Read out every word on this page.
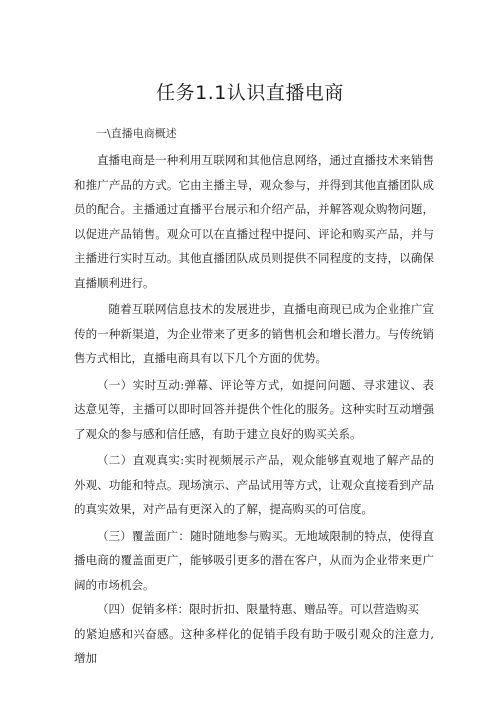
任务1.1认识直播电商
一\直播电商概述

直播电商是一种利用互联网和其他信息网络，通过直播技术来销售和推广产品的方式。它由主播主导，观众参与，并得到其他直播团队成员的配合。主播通过直播平台展示和介绍产品，并解答观众购物问题，以促进产品销售。观众可以在直播过程中提问、评论和购买产品，并与主播进行实时互动。其他直播团队成员则提供不同程度的支持，以确保直播顺利进行。

随着互联网信息技术的发展进步，直播电商现已成为企业推广宣传的一种新渠道，为企业带来了更多的销售机会和增长潜力。与传统销售方式相比，直播电商具有以下几个方面的优势。

（一）实时互动:弹幕、评论等方式，如提问问题、寻求建议、表达意见等，主播可以即时回答并提供个性化的服务。这种实时互动增强了观众的参与感和信任感，有助于建立良好的购买关系。

（二）直观真实:实时视频展示产品，观众能够直观地了解产品的外观、功能和特点。现场演示、产品试用等方式，让观众直接看到产品的真实效果，对产品有更深入的了解，提高购买的可信度。

（三）覆盖面广：随时随地参与购买。无地域限制的特点，使得直播电商的覆盖面更广，能够吸引更多的潜在客户，从而为企业带来更广阔的市场机会。

（四）促销多样：限时折扣、限量特惠、赠品等。可以营造购买

的紧迫感和兴奋感。这种多样化的促销手段有助于吸引观众的注意力,增加
